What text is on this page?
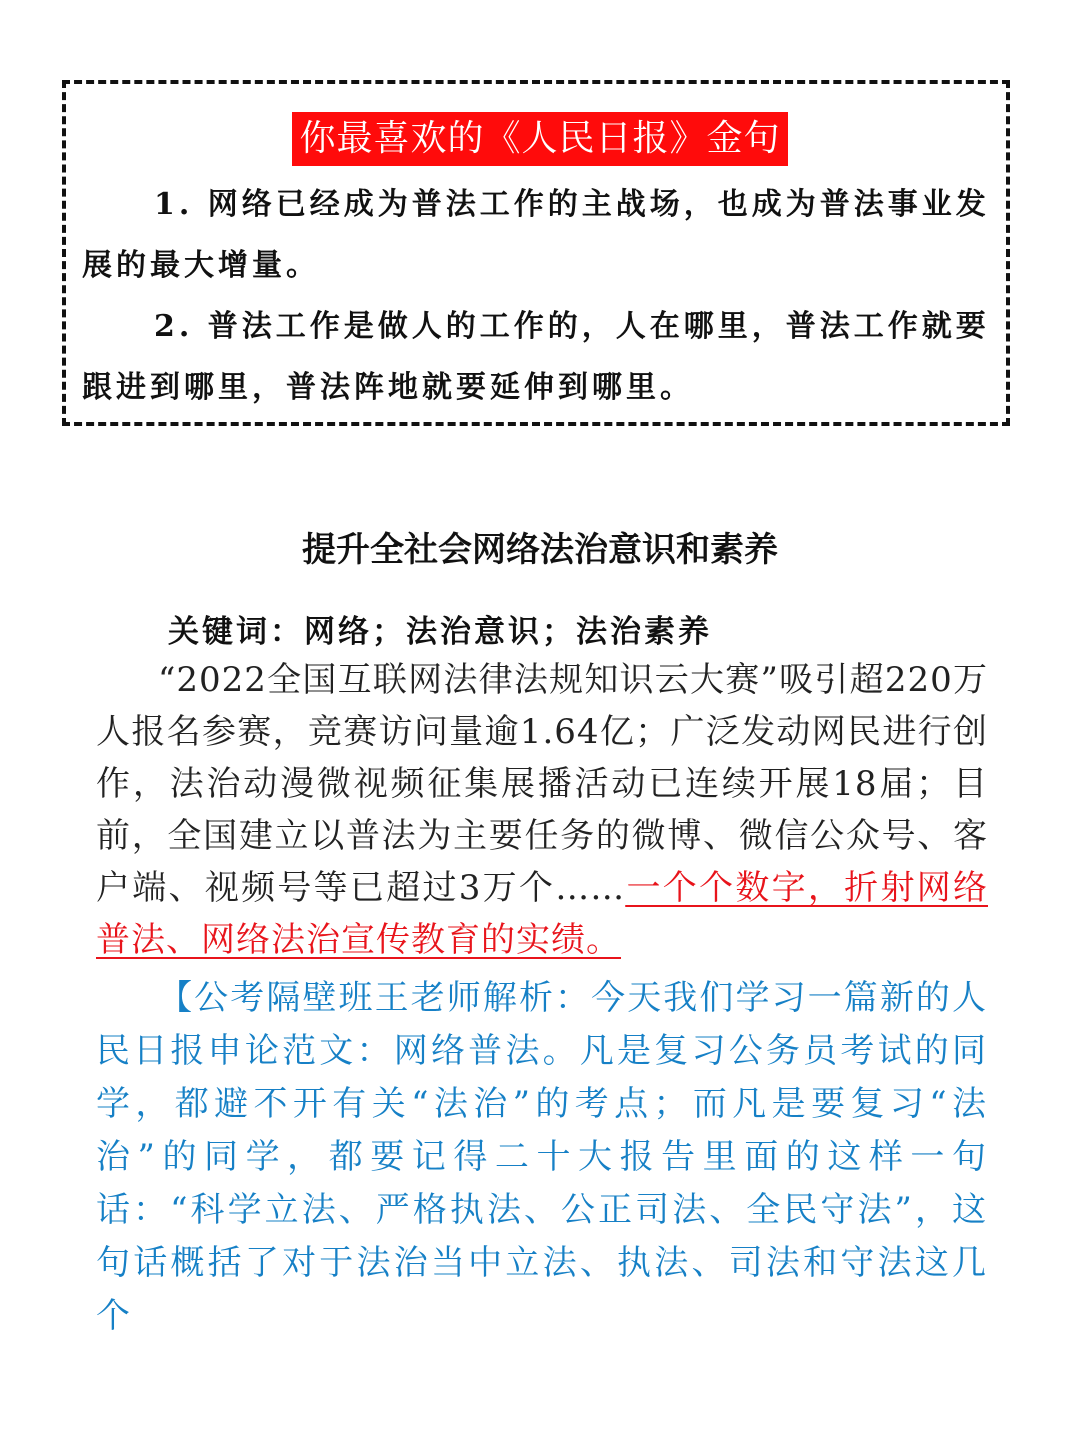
你最喜欢的《人民日报》金句
1. 网络已经成为普法工作的主战场，也成为普法事业发展的最大增量。
2. 普法工作是做人的工作的，人在哪里，普法工作就要跟进到哪里，普法阵地就要延伸到哪里。
提升全社会网络法治意识和素养
关键词：网络；法治意识；法治素养
“2022全国互联网法律法规知识云大赛”吸引超220万人报名参赛，竞赛访问量逾1.64亿；广泛发动网民进行创作，法治动漫微视频征集展播活动已连续开展18届；目前，全国建立以普法为主要任务的微博、微信公众号、客户端、视频号等已超过3万个……一个个数字，折射网络普法、网络法治宣传教育的实绩。
【公考隔壁班王老师解析：今天我们学习一篇新的人民日报申论范文：网络普法。凡是复习公务员考试的同学，都避不开有关“法治”的考点；而凡是要复习“法治”的同学，都要记得二十大报告里面的这样一句话：“科学立法、严格执法、公正司法、全民守法”，这句话概括了对于法治当中立法、执法、司法和守法这几个
